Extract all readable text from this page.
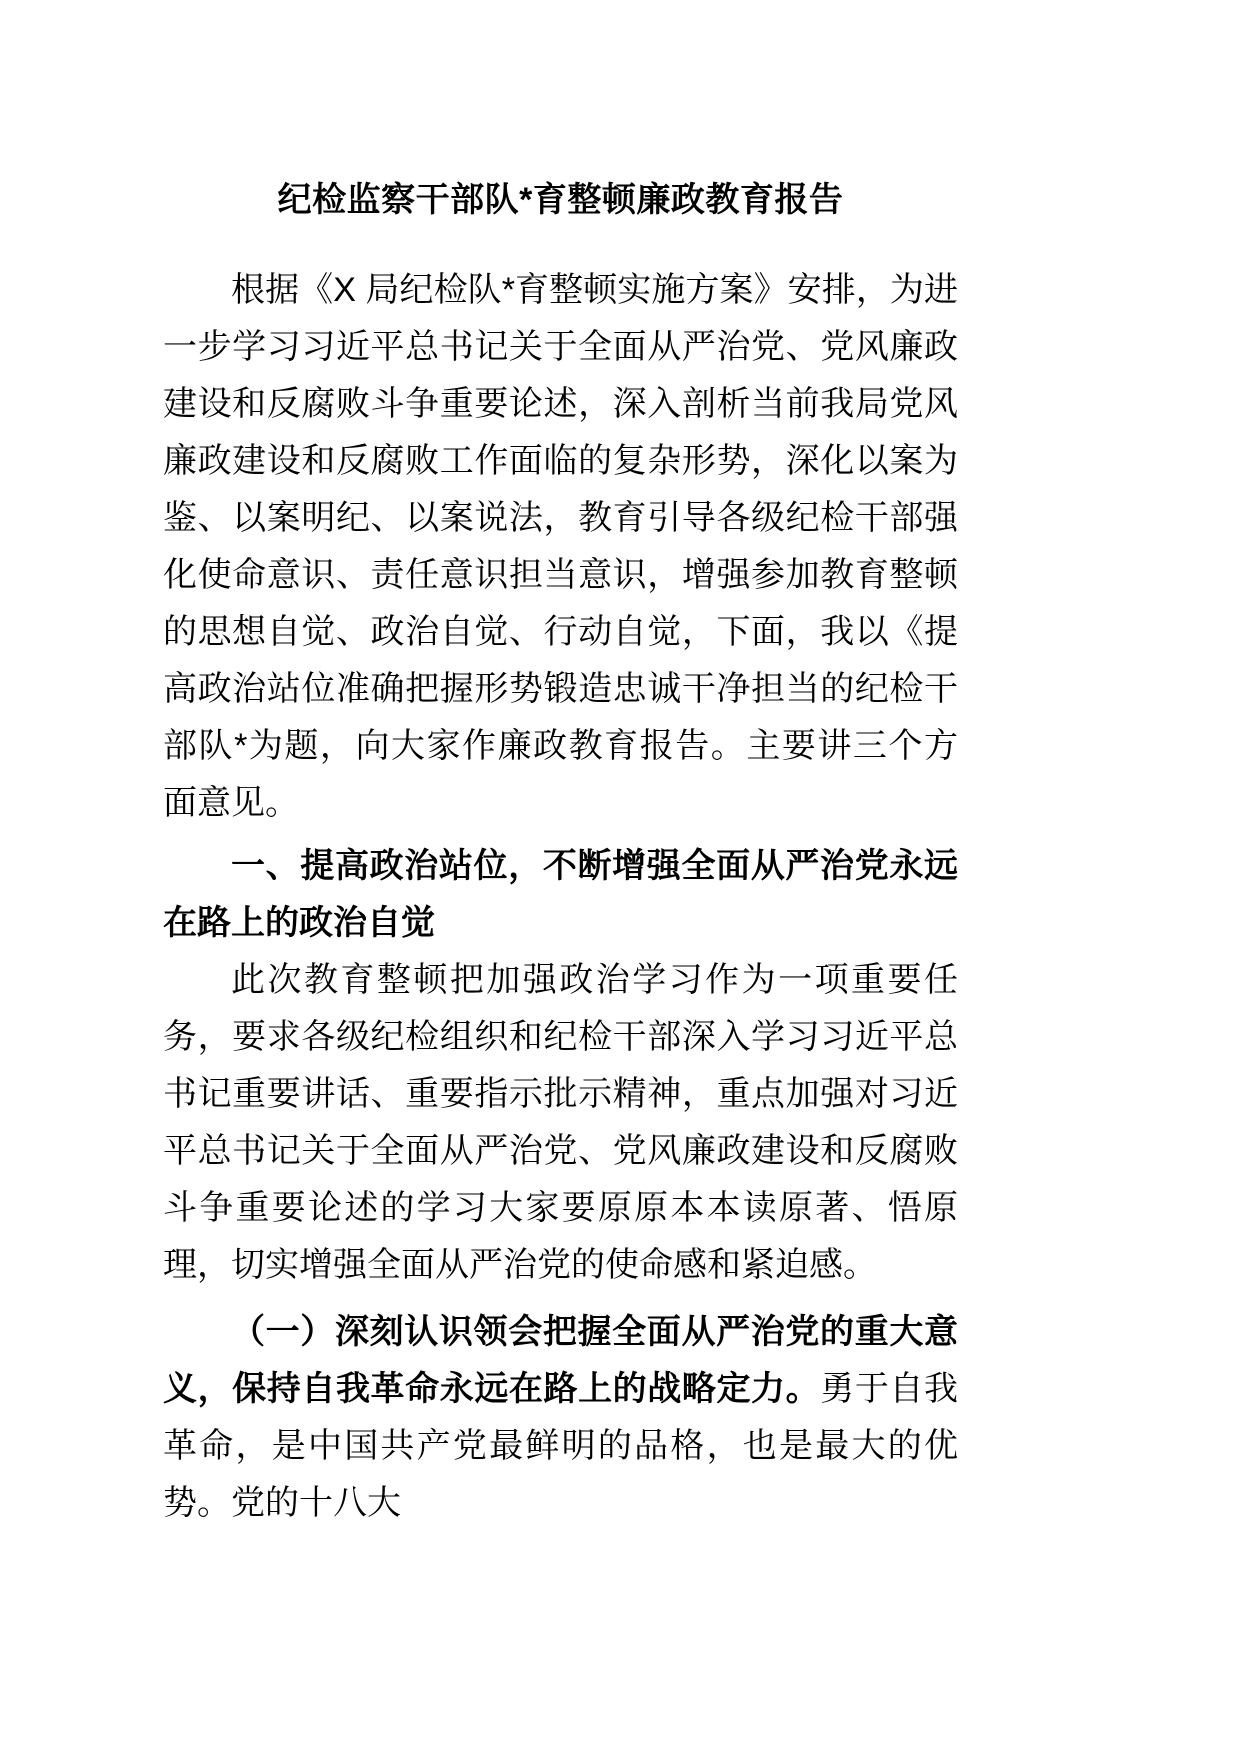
纪检监察干部队*育整顿廉政教育报告

根据《X 局纪检队*育整顿实施方案》安排，为进一步学习习近平总书记关于全面从严治党、党风廉政建设和反腐败斗争重要论述，深入剖析当前我局党风廉政建设和反腐败工作面临的复杂形势，深化以案为鉴、以案明纪、以案说法，教育引导各级纪检干部强化使命意识、责任意识担当意识，增强参加教育整顿的思想自觉、政治自觉、行动自觉，下面，我以《提高政治站位准确把握形势锻造忠诚干净担当的纪检干部队*为题，向大家作廉政教育报告。主要讲三个方面意见。

一、提高政治站位，不断增强全面从严治党永远在路上的政治自觉

此次教育整顿把加强政治学习作为一项重要任务，要求各级纪检组织和纪检干部深入学习习近平总书记重要讲话、重要指示批示精神，重点加强对习近平总书记关于全面从严治党、党风廉政建设和反腐败斗争重要论述的学习大家要原原本本读原著、悟原理，切实增强全面从严治党的使命感和紧迫感。

（一）深刻认识领会把握全面从严治党的重大意义，保持自我革命永远在路上的战略定力。勇于自我革命，是中国共产党最鲜明的品格，也是最大的优势。党的十八大
